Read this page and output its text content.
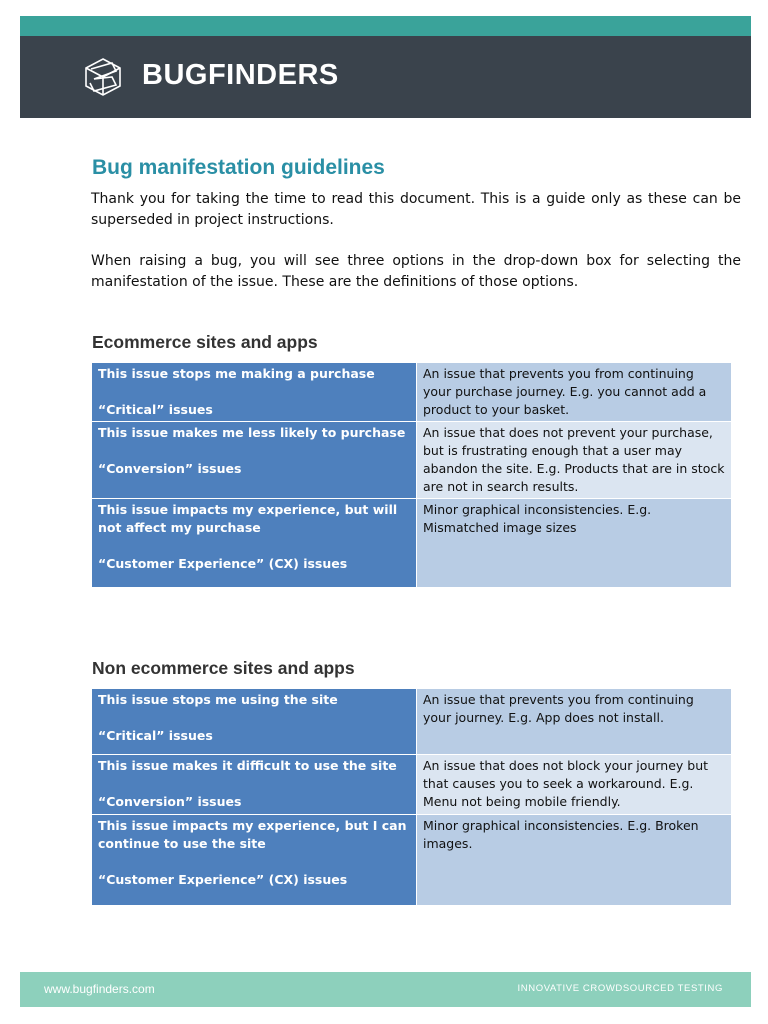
BUGFINDERS
Bug manifestation guidelines

Thank you for taking the time to read this document. This is a guide only as these can be superseded in project instructions.

When raising a bug, you will see three options in the drop-down box for selecting the manifestation of the issue. These are the definitions of those options.

Ecommerce sites and apps
This issue stops me making a purchase
“Critical” issues	An issue that prevents you from continuing your purchase journey. E.g. you cannot add a product to your basket.
This issue makes me less likely to purchase
“Conversion” issues	An issue that does not prevent your purchase, but is frustrating enough that a user may abandon the site. E.g. Products that are in stock are not in search results.
This issue impacts my experience, but will not affect my purchase
“Customer Experience” (CX) issues	Minor graphical inconsistencies. E.g. Mismatched image sizes
Non ecommerce sites and apps
This issue stops me using the site
“Critical” issues	An issue that prevents you from continuing your journey. E.g. App does not install.
This issue makes it difficult to use the site
“Conversion” issues	An issue that does not block your journey but that causes you to seek a workaround. E.g. Menu not being mobile friendly.
This issue impacts my experience, but I can continue to use the site
“Customer Experience” (CX) issues	Minor graphical inconsistencies. E.g. Broken images.
www.bugfinders.com	INNOVATIVE CROWDSOURCED TESTING
